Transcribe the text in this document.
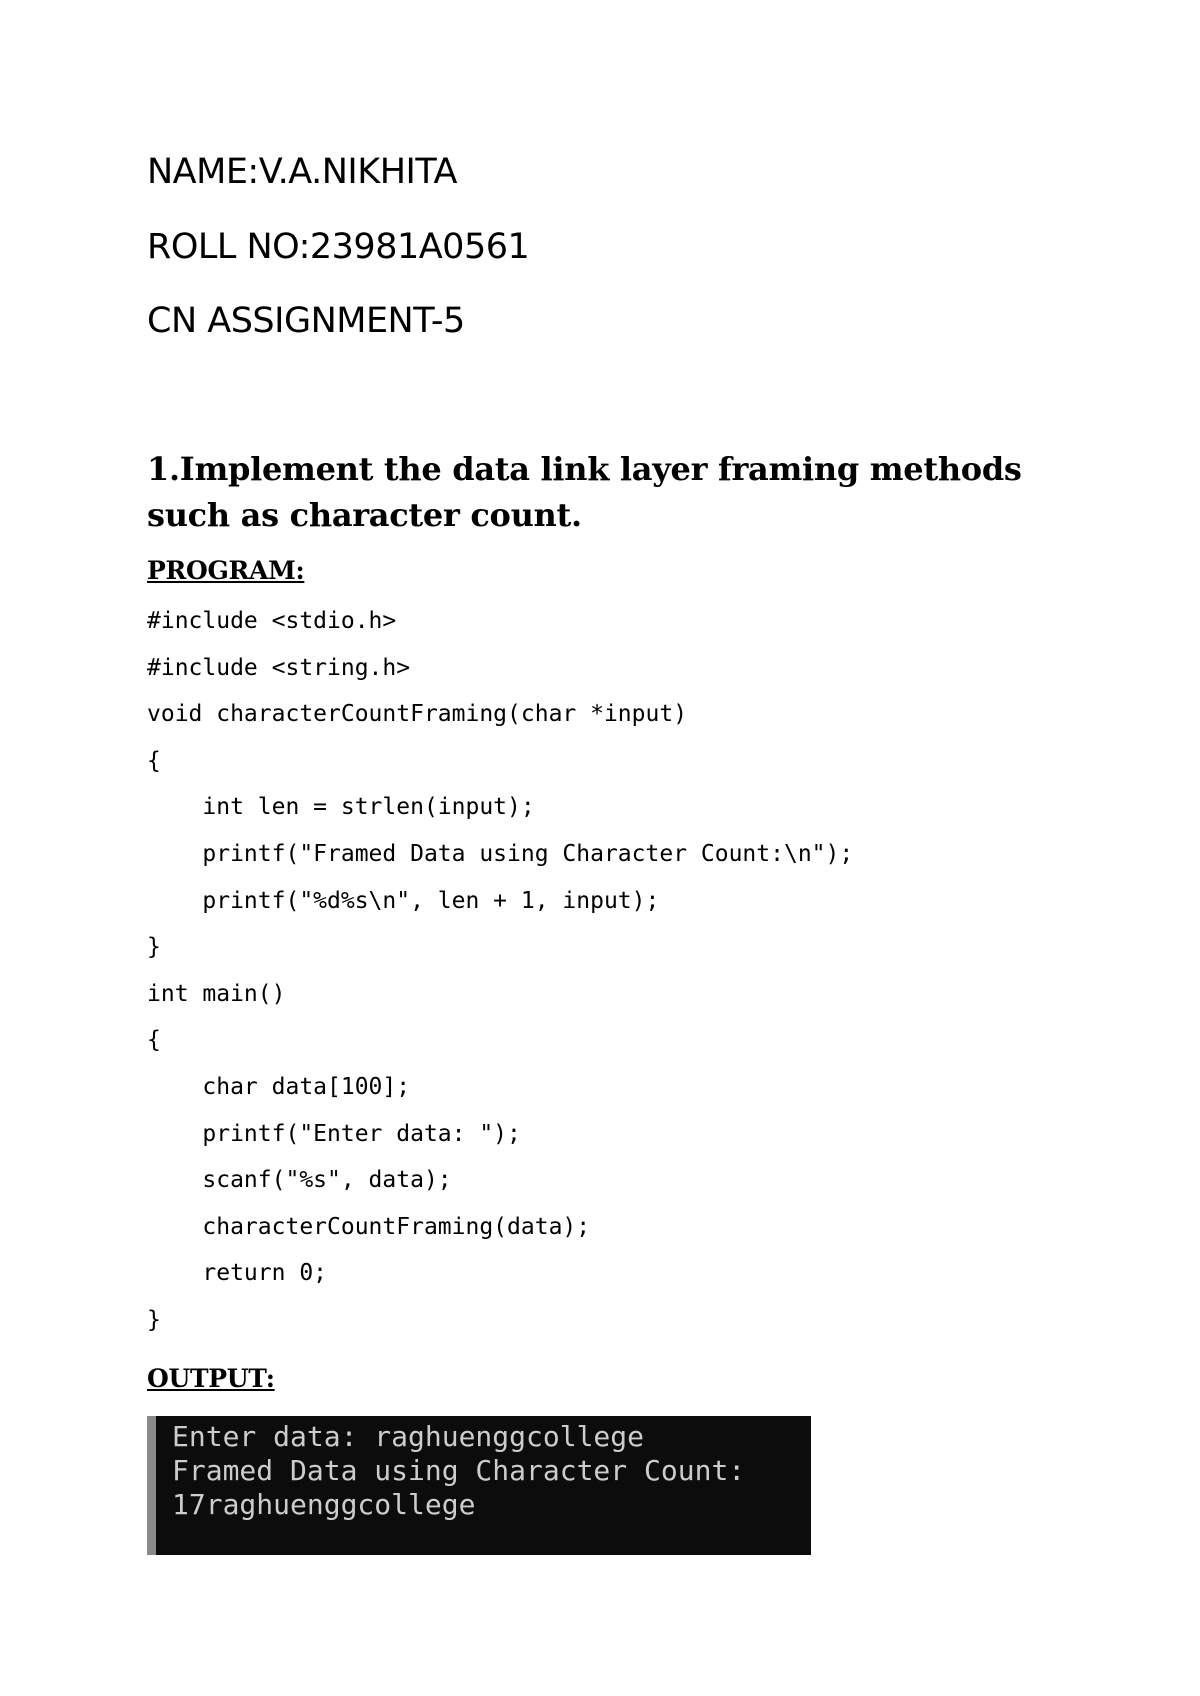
NAME:V.A.NIKHITA
ROLL NO:23981A0561
CN ASSIGNMENT-5
1.Implement the data link layer framing methods such as character count.
PROGRAM:
#include <stdio.h>
#include <string.h>
void characterCountFraming(char *input)
{
int len = strlen(input);
printf("Framed Data using Character Count:\n");
printf("%d%s\n", len + 1, input);
}
int main()
{
char data[100];
printf("Enter data: ");
scanf("%s", data);
characterCountFraming(data);
return 0;
}
OUTPUT:
Enter data: raghuenggcollege
Framed Data using Character Count:
17raghuenggcollege
